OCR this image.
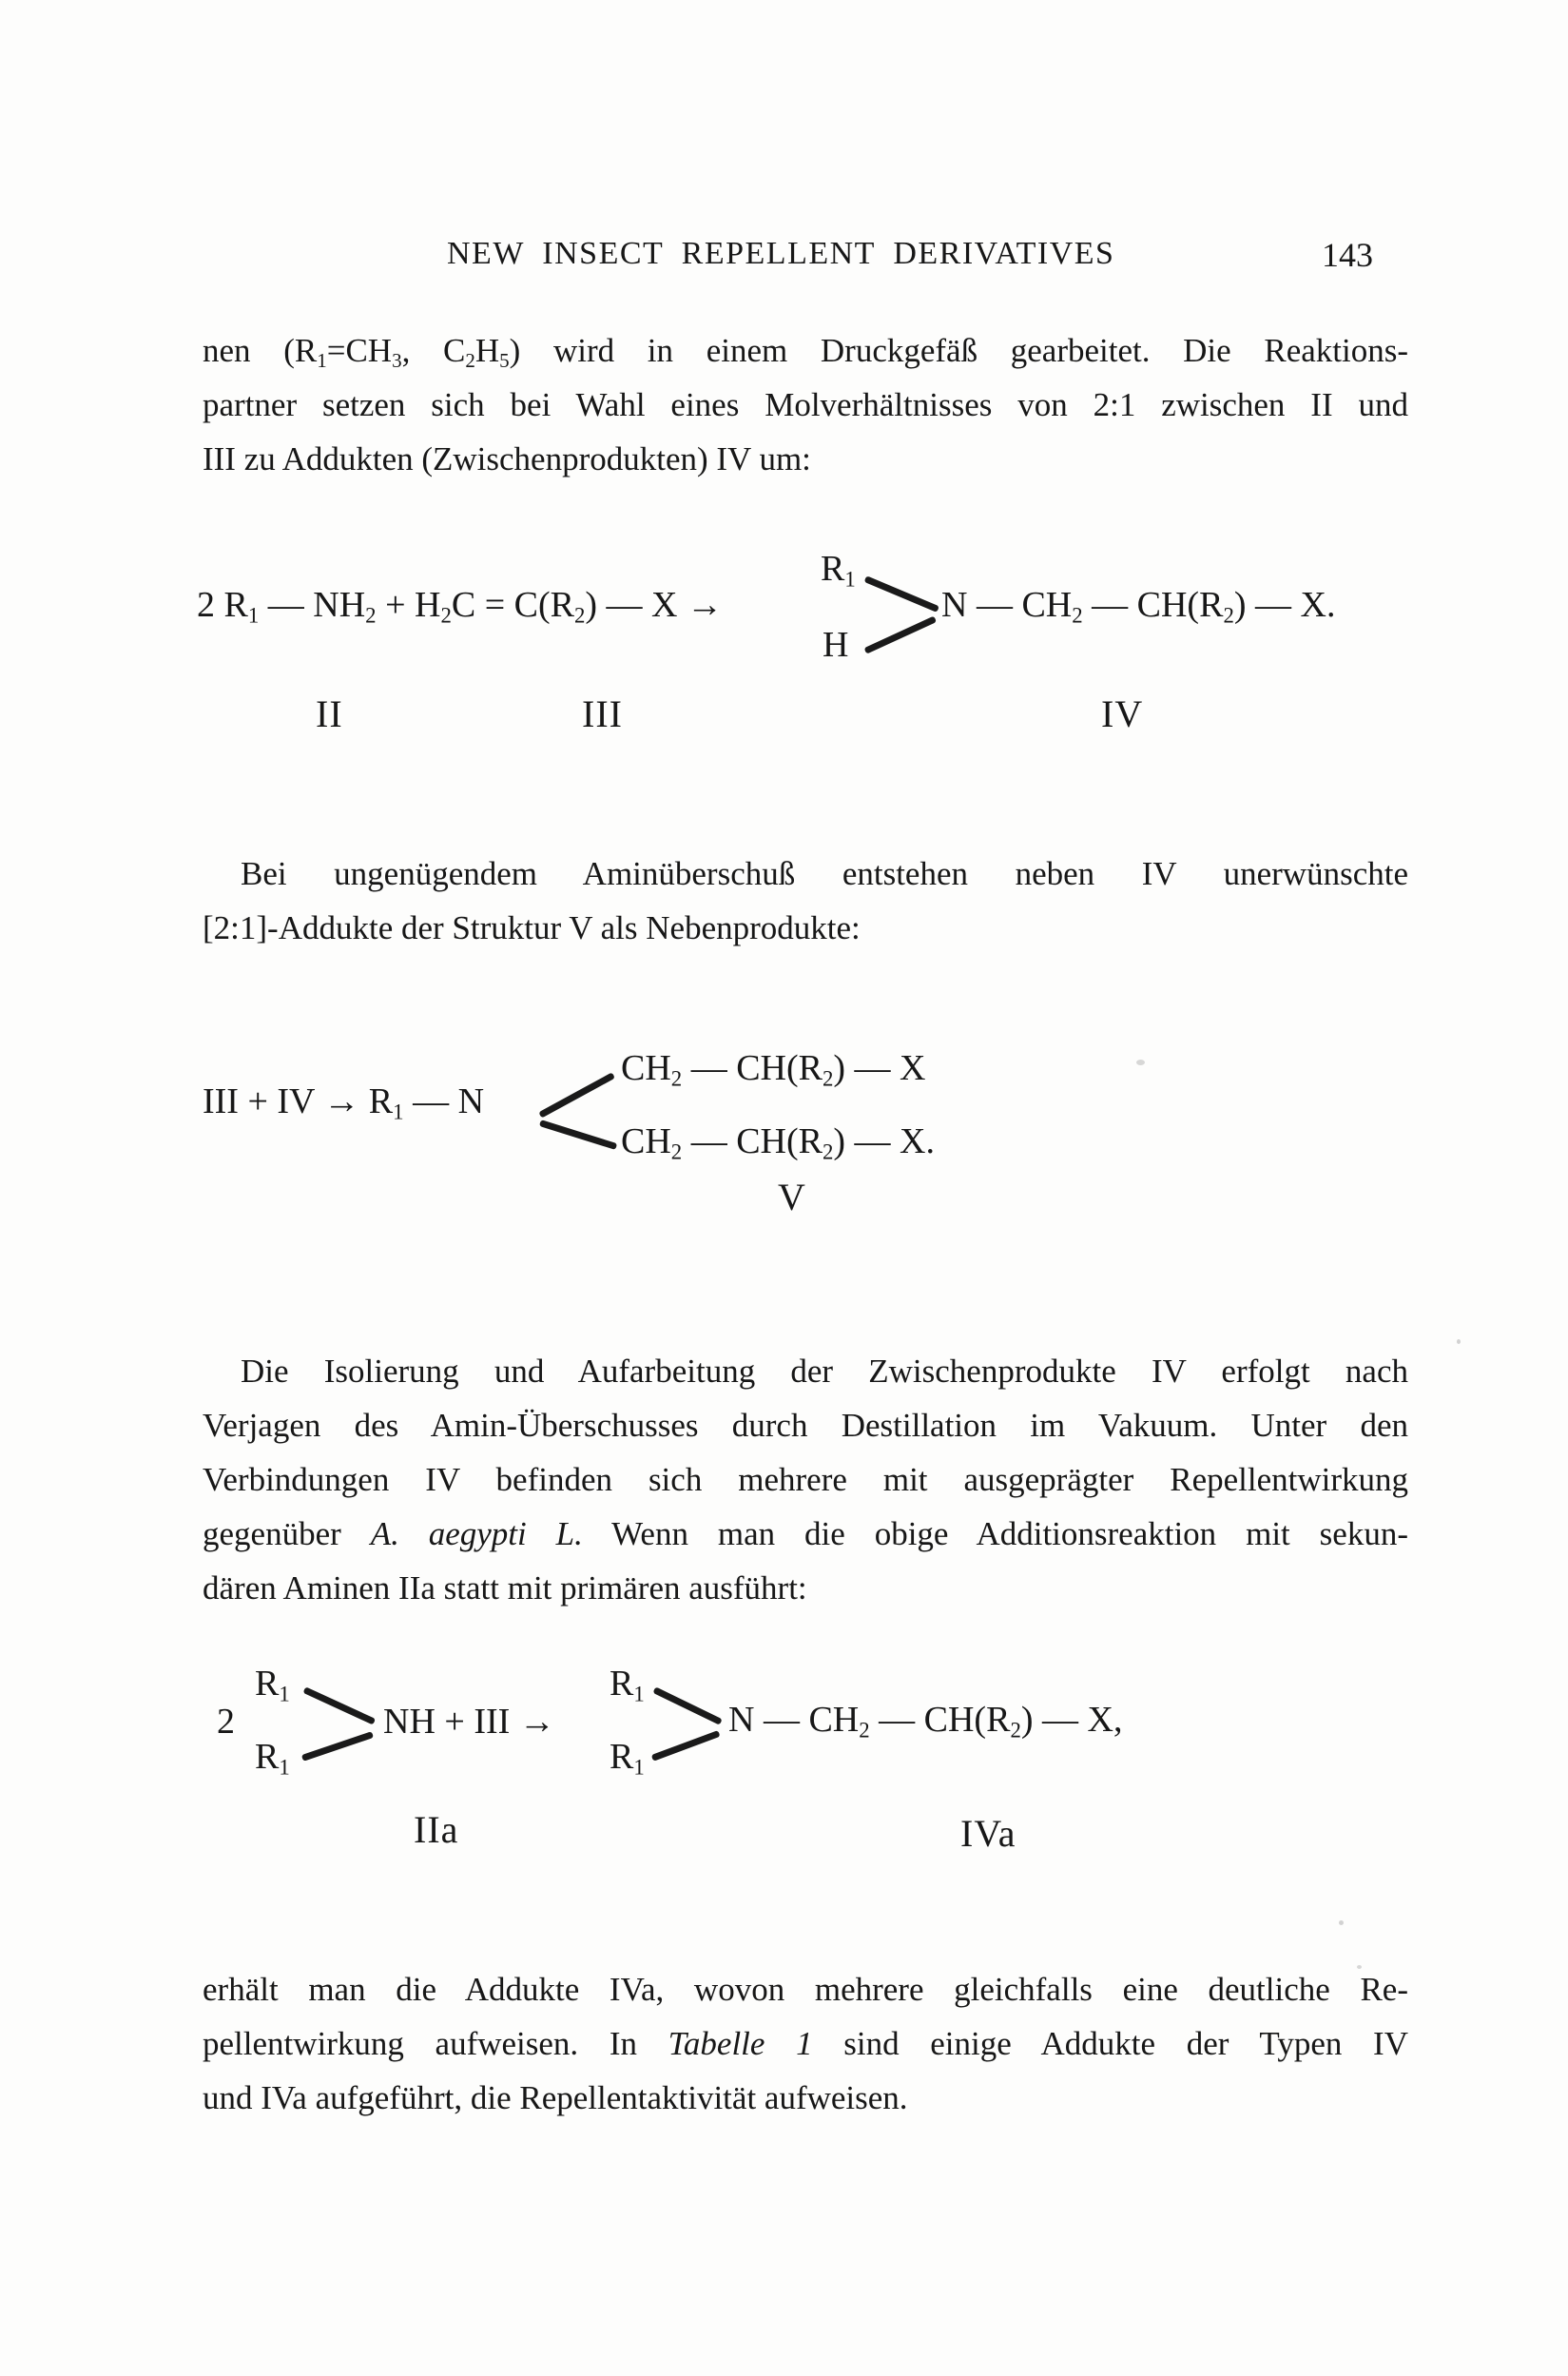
NEW INSECT REPELLENT DERIVATIVES	143
nen ($R_1=CH_3$, $C_2H_5$) wird in einem Druckgefäß gearbeitet. Die Reaktions-
partner setzen sich bei Wahl eines Molverhältnisses von 2:1 zwischen II und
III zu Addukten (Zwischenprodukten) IV um:
2 $R_1$ — $NH_2 + H_2C = C(R_2)$ — X →
$R_1$
H
N — $CH_2$ — $CH(R_2)$ — X.
II	III	IV
Bei ungenügendem Aminüberschuß entstehen neben IV unerwünschte
[2:1]-Addukte der Struktur V als Nebenprodukte:
III + IV → $R_1$ — N
$CH_2$ — $CH(R_2)$ — X
$CH_2$ — $CH(R_2)$ — X.
V
Die Isolierung und Aufarbeitung der Zwischenprodukte IV erfolgt nach
Verjagen des Amin-Überschusses durch Destillation im Vakuum. Unter den
Verbindungen IV befinden sich mehrere mit ausgeprägter Repellentwirkung
gegenüber A. aegypti L. Wenn man die obige Additionsreaktion mit sekun-
dären Aminen IIa statt mit primären ausführt:
2
$R_1$
$R_1$
NH + III →
$R_1$
$R_1$
N — $CH_2$ — $CH(R_2)$ — X,
IIa	IVa
erhält man die Addukte IVa, wovon mehrere gleichfalls eine deutliche Re-
pellentwirkung aufweisen. In Tabelle 1 sind einige Addukte der Typen IV
und IVa aufgeführt, die Repellentaktivität aufweisen.
